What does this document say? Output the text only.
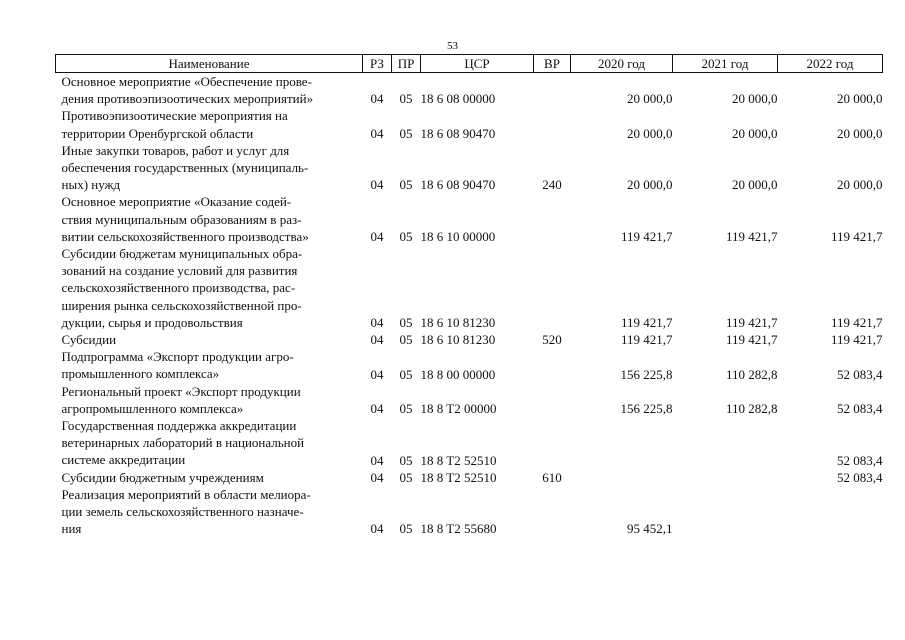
53
Наименование	РЗ	ПР	ЦСР	ВР	2020 год	2021 год	2022 год

Основное мероприятие «Обеспечение прове-
дения противоэпизоотических мероприятий»	04	05	18 6 08 00000		20 000,0	20 000,0	20 000,0

Противоэпизоотические мероприятия на
территории Оренбургской области	04	05	18 6 08 90470		20 000,0	20 000,0	20 000,0

Иные закупки товаров, работ и услуг для
обеспечения государственных (муниципаль-
ных) нужд	04	05	18 6 08 90470	240	20 000,0	20 000,0	20 000,0

Основное мероприятие «Оказание содей-
ствия муниципальным образованиям в раз-
витии сельскохозяйственного производства»	04	05	18 6 10 00000		119 421,7	119 421,7	119 421,7

Субсидии бюджетам муниципальных обра-
зований на создание условий для развития
сельскохозяйственного производства, рас-
ширения рынка сельскохозяйственной про-
дукции, сырья и продовольствия	04	05	18 6 10 81230		119 421,7	119 421,7	119 421,7

Субсидии	04	05	18 6 10 81230	520	119 421,7	119 421,7	119 421,7

Подпрограмма «Экспорт продукции агро-
промышленного комплекса»	04	05	18 8 00 00000		156 225,8	110 282,8	52 083,4

Региональный проект «Экспорт продукции
агропромышленного комплекса»	04	05	18 8 T2 00000		156 225,8	110 282,8	52 083,4

Государственная поддержка аккредитации
ветеринарных лабораторий в национальной
системе аккредитации	04	05	18 8 T2 52510				52 083,4

Субсидии бюджетным учреждениям	04	05	18 8 T2 52510	610			52 083,4

Реализация мероприятий в области мелиора-
ции земель сельскохозяйственного назначе-
ния	04	05	18 8 T2 55680		95 452,1		
